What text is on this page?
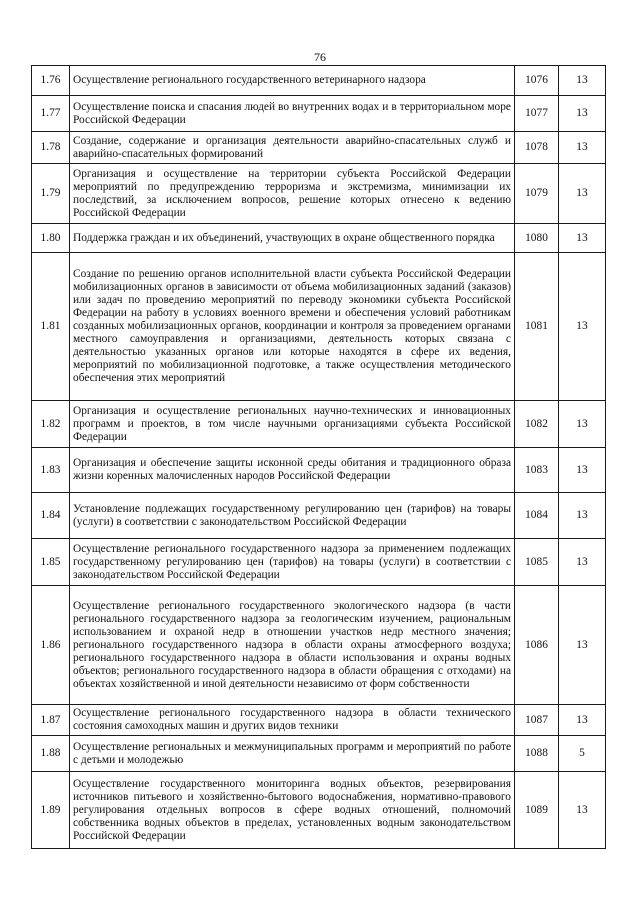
76
1.76	Осуществление регионального государственного ветеринарного надзора	1076	13
1.77	Осуществление поиска и спасания людей во внутренних водах и в территориальном море Российской Федерации	1077	13
1.78	Создание, содержание и организация деятельности аварийно-спасательных служб и аварийно-спасательных формирований	1078	13
1.79	Организация и осуществление на территории субъекта Российской Федерации мероприятий по предупреждению терроризма и экстремизма, минимизации их последствий, за исключением вопросов, решение которых отнесено к ведению Российской Федерации	1079	13
1.80	Поддержка граждан и их объединений, участвующих в охране общественного порядка	1080	13
1.81	Создание по решению органов исполнительной власти субъекта Российской Федерации мобилизационных органов в зависимости от объема мобилизационных заданий (заказов) или задач по проведению мероприятий по переводу экономики субъекта Российской Федерации на работу в условиях военного времени и обеспечения условий работникам созданных мобилизационных органов, координации и контроля за проведением органами местного самоуправления и организациями, деятельность которых связана с деятельностью указанных органов или которые находятся в сфере их ведения, мероприятий по мобилизационной подготовке, а также осуществления методического обеспечения этих мероприятий	1081	13
1.82	Организация и осуществление региональных научно-технических и инновационных программ и проектов, в том числе научными организациями субъекта Российской Федерации	1082	13
1.83	Организация и обеспечение защиты исконной среды обитания и традиционного образа жизни коренных малочисленных народов Российской Федерации	1083	13
1.84	Установление подлежащих государственному регулированию цен (тарифов) на товары (услуги) в соответствии с законодательством Российской Федерации	1084	13
1.85	Осуществление регионального государственного надзора за применением подлежащих государственному регулированию цен (тарифов) на товары (услуги) в соответствии с законодательством Российской Федерации	1085	13
1.86	Осуществление регионального государственного экологического надзора (в части регионального государственного надзора за геологическим изучением, рациональным использованием и охраной недр в отношении участков недр местного значения; регионального государственного надзора в области охраны атмосферного воздуха; регионального государственного надзора в области использования и охраны водных объектов; регионального государственного надзора в области обращения с отходами) на объектах хозяйственной и иной деятельности независимо от форм собственности	1086	13
1.87	Осуществление регионального государственного надзора в области технического состояния самоходных машин и других видов техники	1087	13
1.88	Осуществление региональных и межмуниципальных программ и мероприятий по работе с детьми и молодежью	1088	5
1.89	Осуществление государственного мониторинга водных объектов, резервирования источников питьевого и хозяйственно-бытового водоснабжения, нормативно-правового регулирования отдельных вопросов в сфере водных отношений, полномочий собственника водных объектов в пределах, установленных водным законодательством Российской Федерации	1089	13
